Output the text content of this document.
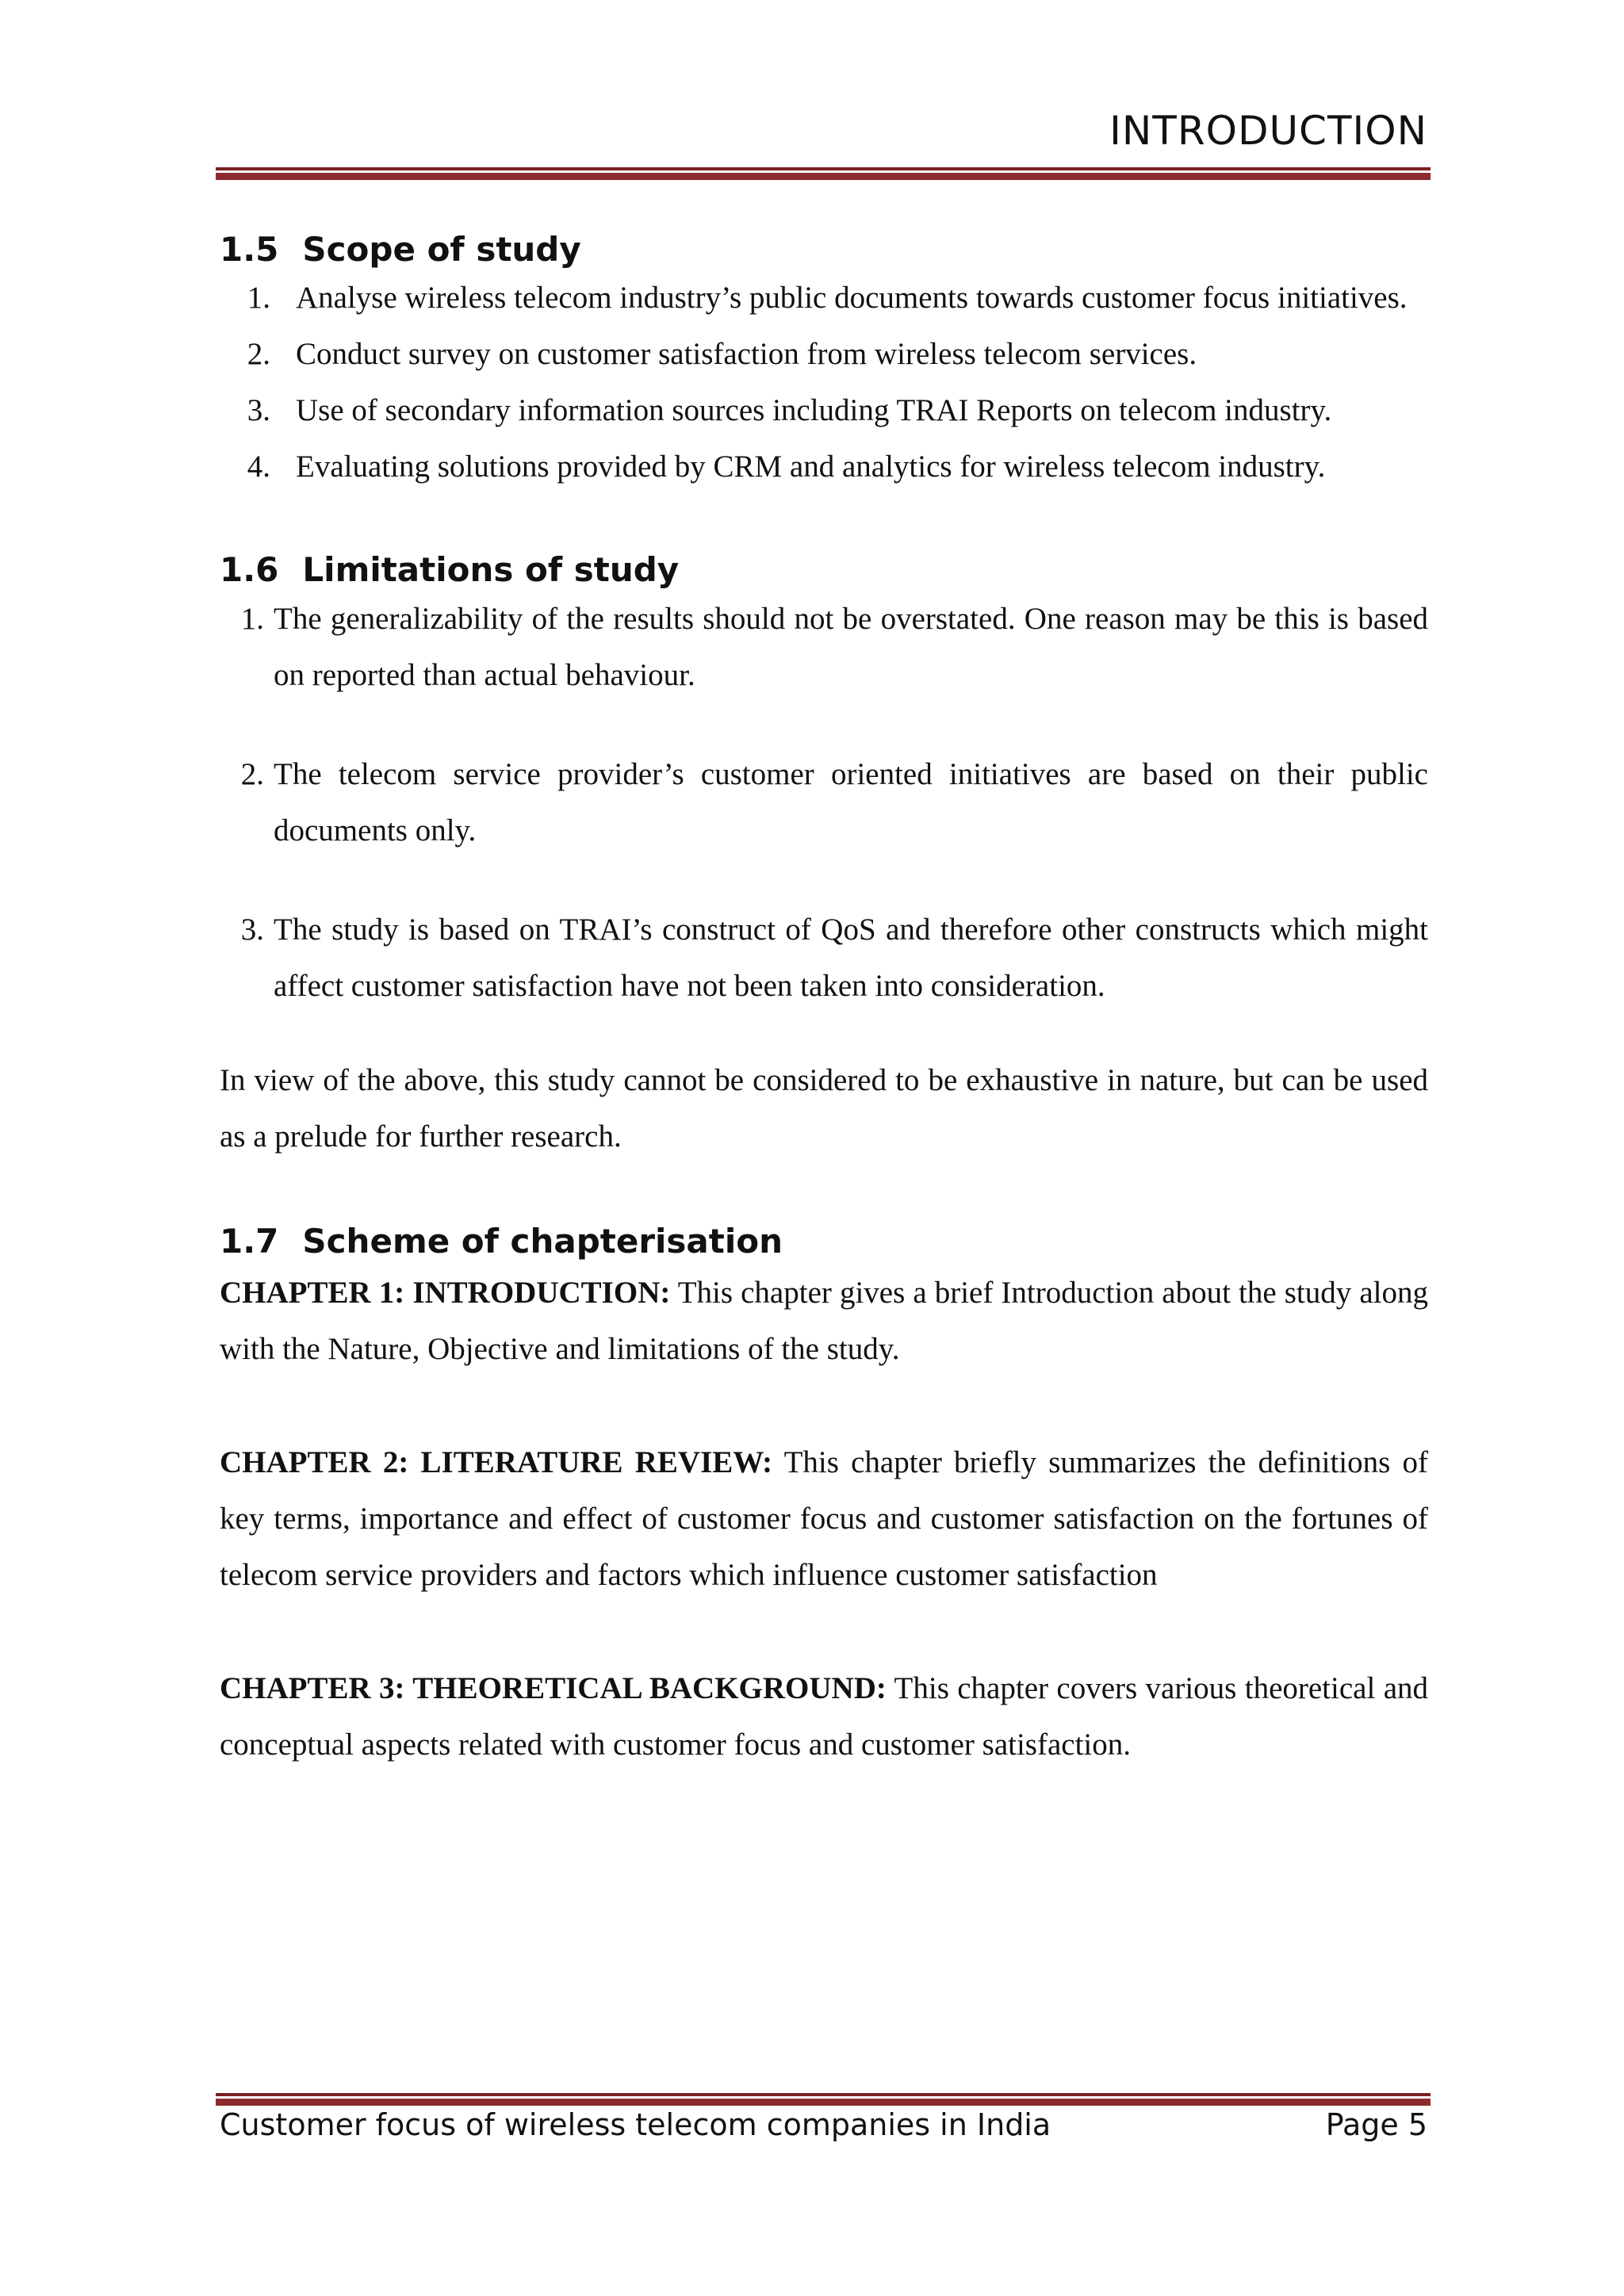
INTRODUCTION
1.5 Scope of study
1. Analyse wireless telecom industry’s public documents towards customer focus initiatives.
2. Conduct survey on customer satisfaction from wireless telecom services.
3. Use of secondary information sources including TRAI Reports on telecom industry.
4. Evaluating solutions provided by CRM and analytics for wireless telecom industry.
1.6 Limitations of study
1. The generalizability of the results should not be overstated. One reason may be this is based on reported than actual behaviour.
2. The telecom service provider’s customer oriented initiatives are based on their public documents only.
3. The study is based on TRAI’s construct of QoS and therefore other constructs which might affect customer satisfaction have not been taken into consideration.

In view of the above, this study cannot be considered to be exhaustive in nature, but can be used as a prelude for further research.

1.7 Scheme of chapterisation

CHAPTER 1: INTRODUCTION: This chapter gives a brief Introduction about the study along with the Nature, Objective and limitations of the study.

CHAPTER 2: LITERATURE REVIEW: This chapter briefly summarizes the definitions of key terms, importance and effect of customer focus and customer satisfaction on the fortunes of telecom service providers and factors which influence customer satisfaction

CHAPTER 3: THEORETICAL BACKGROUND: This chapter covers various theoretical and conceptual aspects related with customer focus and customer satisfaction.

Customer focus of wireless telecom companies in India	Page 5
